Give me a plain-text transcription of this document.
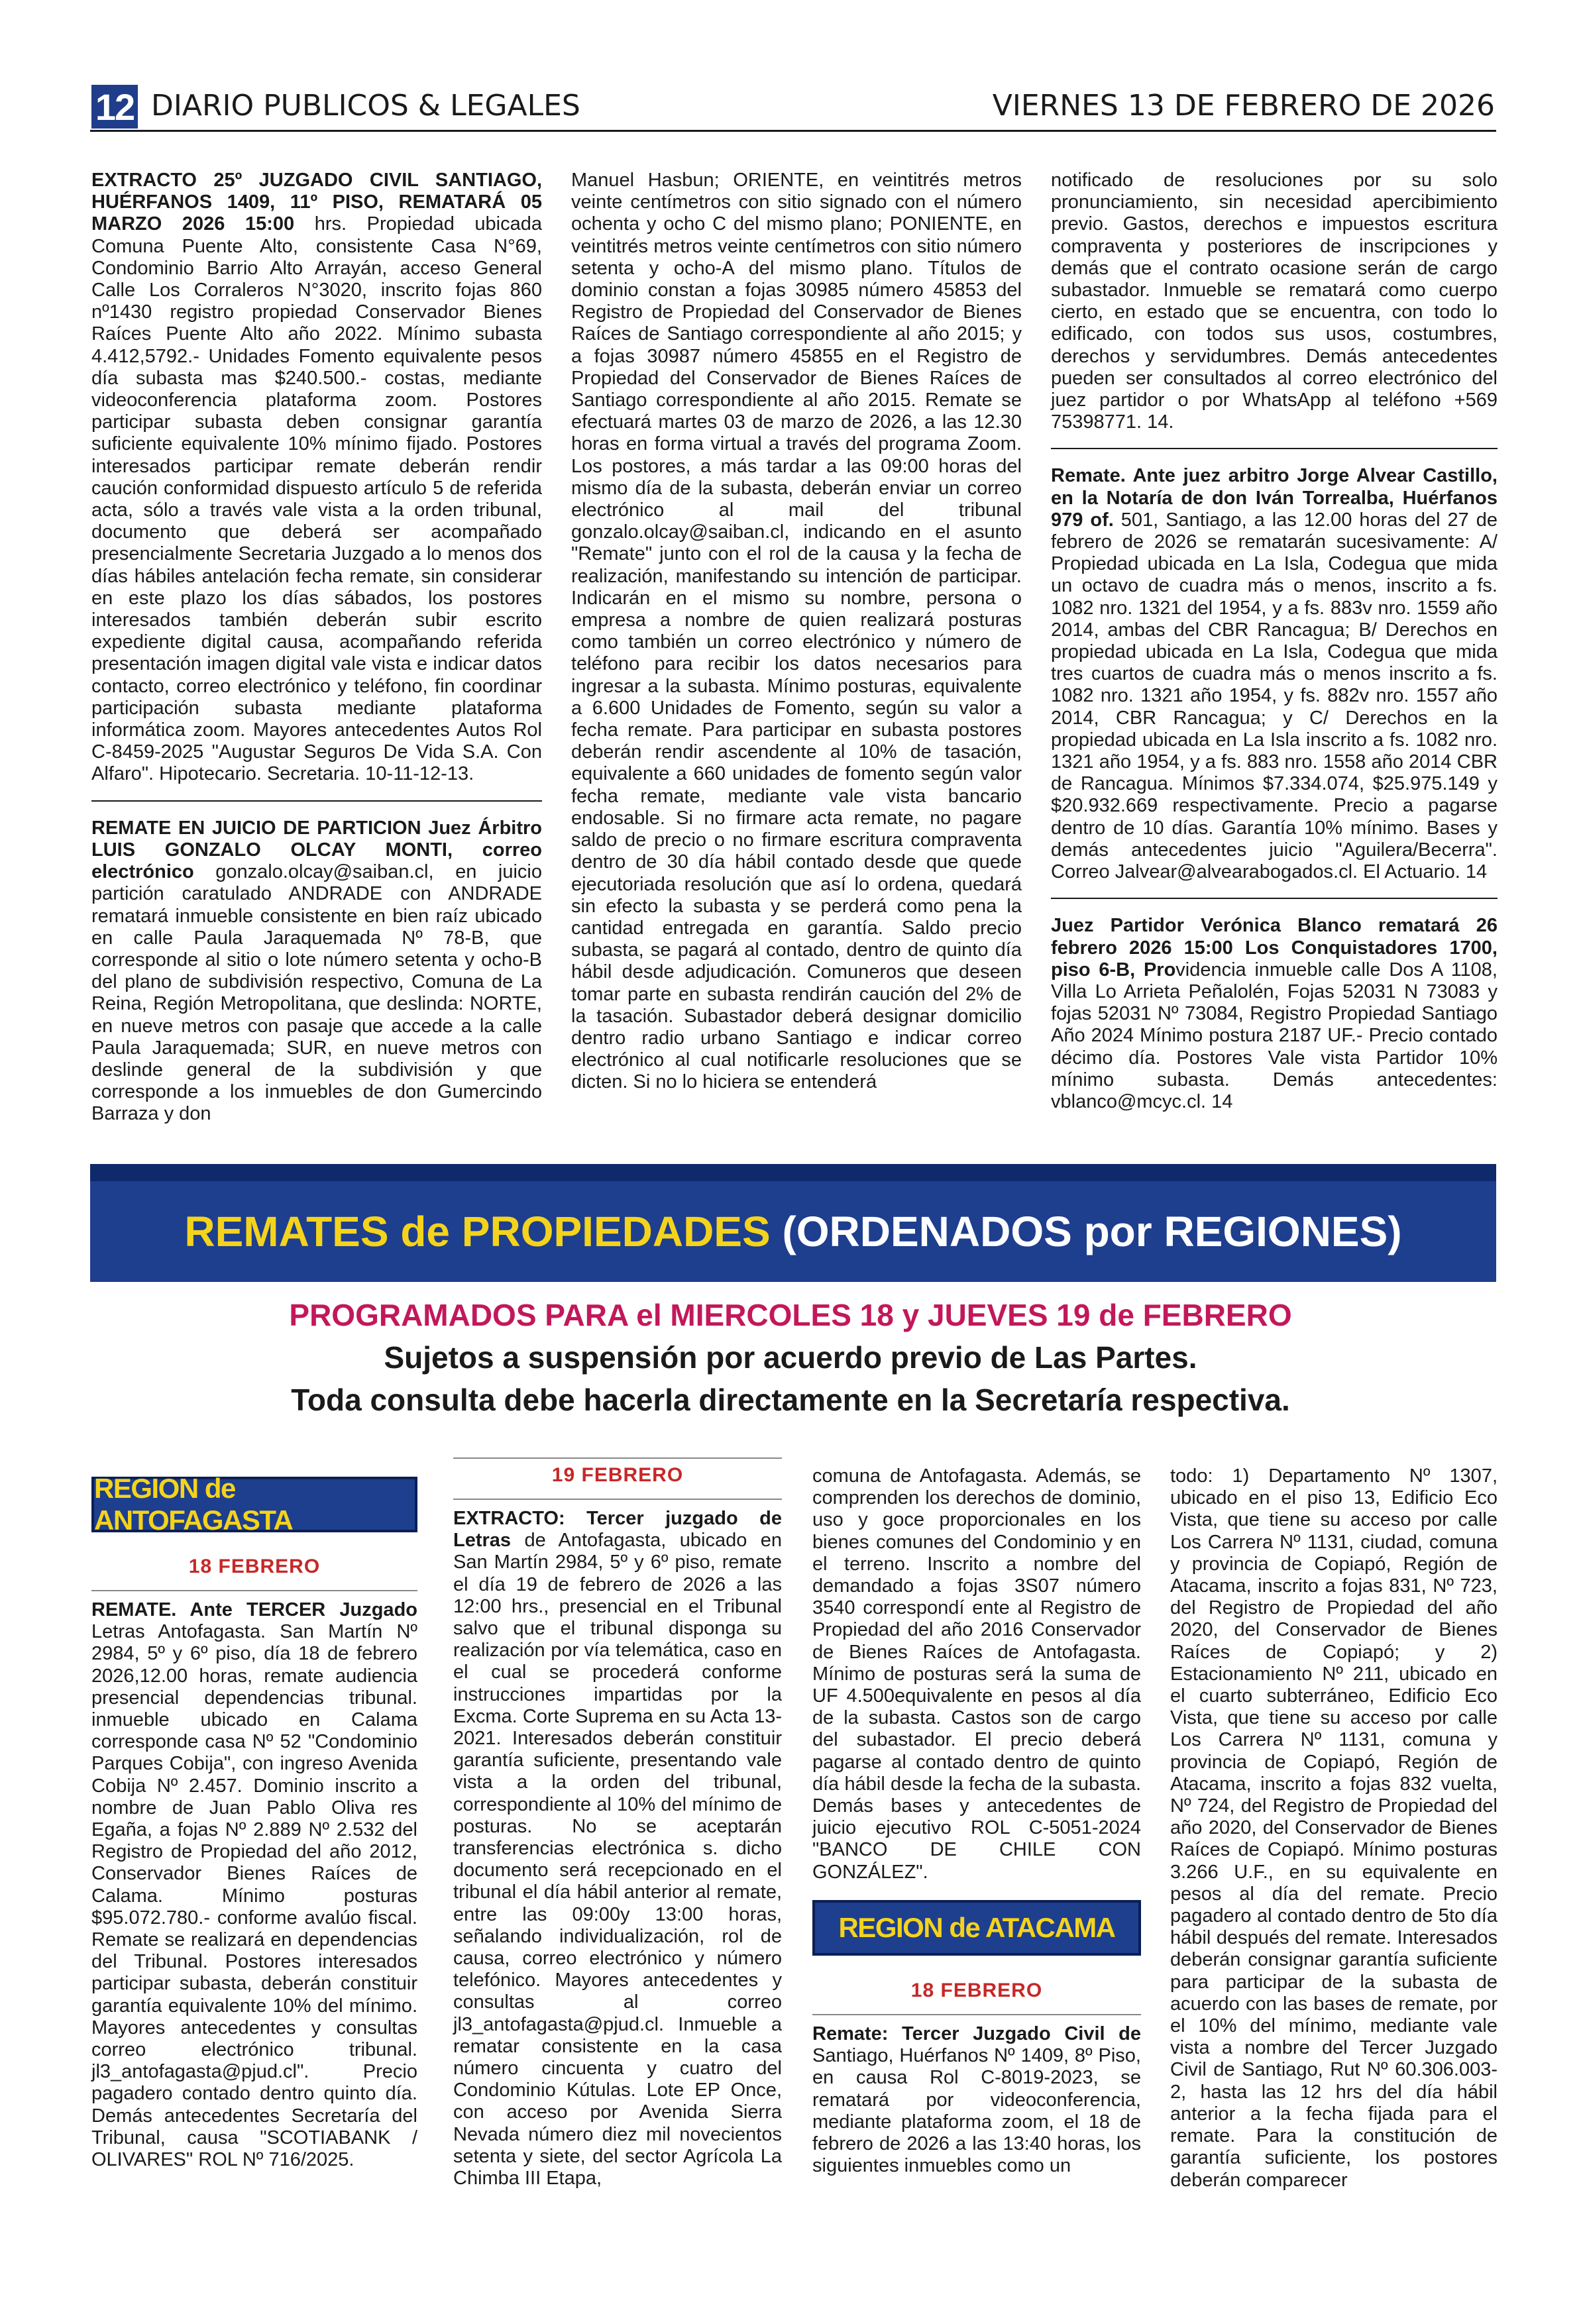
12 DIARIO PUBLICOS & LEGALES	VIERNES 13 DE FEBRERO DE 2026

EXTRACTO 25º JUZGADO CIVIL SANTIAGO, HUÉRFANOS 1409, 11º PISO, REMATARÁ 05 MARZO 2026 15:00 hrs. Propiedad ubicada Comuna Puente Alto, consistente Casa N°69, Condominio Barrio Alto Arrayán, acceso General Calle Los Corraleros N°3020, inscrito fojas 860 nº1430 registro propiedad Conservador Bienes Raíces Puente Alto año 2022. Mínimo subasta 4.412,5792.- Unidades Fomento equivalente pesos día subasta mas $240.500.- costas, mediante videoconferencia plataforma zoom. Postores participar subasta deben consignar garantía suficiente equivalente 10% mínimo fijado. Postores interesados participar remate deberán rendir caución conformidad dispuesto artículo 5 de referida acta, sólo a través vale vista a la orden tribunal, documento que deberá ser acompañado presencialmente Secretaria Juzgado a lo menos dos días hábiles antelación fecha remate, sin considerar en este plazo los días sábados, los postores interesados también deberán subir escrito expediente digital causa, acompañando referida presentación imagen digital vale vista e indicar datos contacto, correo electrónico y teléfono, fin coordinar participación subasta mediante plataforma informática zoom. Mayores antecedentes Autos Rol C-8459-2025 "Augustar Seguros De Vida S.A. Con Alfaro". Hipotecario. Secretaria. 10-11-12-13.

REMATE EN JUICIO DE PARTICION Juez Árbitro LUIS GONZALO OLCAY MONTI, correo electrónico gonzalo.olcay@saiban.cl, en juicio partición caratulado ANDRADE con ANDRADE rematará inmueble consistente en bien raíz ubicado en calle Paula Jaraquemada Nº 78-B, que corresponde al sitio o lote número setenta y ocho-B del plano de subdivisión respectivo, Comuna de La Reina, Región Metropolitana, que deslinda: NORTE, en nueve metros con pasaje que accede a la calle Paula Jaraquemada; SUR, en nueve metros con deslinde general de la subdivisión y que corresponde a los inmuebles de don Gumercindo Barraza y don

Manuel Hasbun; ORIENTE, en veintitrés metros veinte centímetros con sitio signado con el número ochenta y ocho C del mismo plano; PONIENTE, en veintitrés metros veinte centímetros con sitio número setenta y ocho-A del mismo plano. Títulos de dominio constan a fojas 30985 número 45853 del Registro de Propiedad del Conservador de Bienes Raíces de Santiago correspondiente al año 2015; y a fojas 30987 número 45855 en el Registro de Propiedad del Conservador de Bienes Raíces de Santiago correspondiente al año 2015. Remate se efectuará martes 03 de marzo de 2026, a las 12.30 horas en forma virtual a través del programa Zoom. Los postores, a más tardar a las 09:00 horas del mismo día de la subasta, deberán enviar un correo electrónico al mail del tribunal gonzalo.olcay@saiban.cl, indicando en el asunto "Remate" junto con el rol de la causa y la fecha de realización, manifestando su intención de participar. Indicarán en el mismo su nombre, persona o empresa a nombre de quien realizará posturas como también un correo electrónico y número de teléfono para recibir los datos necesarios para ingresar a la subasta. Mínimo posturas, equivalente a 6.600 Unidades de Fomento, según su valor a fecha remate. Para participar en subasta postores deberán rendir ascendente al 10% de tasación, equivalente a 660 unidades de fomento según valor fecha remate, mediante vale vista bancario endosable. Si no firmare acta remate, no pagare saldo de precio o no firmare escritura compraventa dentro de 30 día hábil contado desde que quede ejecutoriada resolución que así lo ordena, quedará sin efecto la subasta y se perderá como pena la cantidad entregada en garantía. Saldo precio subasta, se pagará al contado, dentro de quinto día hábil desde adjudicación. Comuneros que deseen tomar parte en subasta rendirán caución del 2% de la tasación. Subastador deberá designar domicilio dentro radio urbano Santiago e indicar correo electrónico al cual notificarle resoluciones que se dicten. Si no lo hiciera se entenderá

notificado de resoluciones por su solo pronunciamiento, sin necesidad apercibimiento previo. Gastos, derechos e impuestos escritura compraventa y posteriores de inscripciones y demás que el contrato ocasione serán de cargo subastador. Inmueble se rematará como cuerpo cierto, en estado que se encuentra, con todo lo edificado, con todos sus usos, costumbres, derechos y servidumbres. Demás antecedentes pueden ser consultados al correo electrónico del juez partidor o por WhatsApp al teléfono +569 75398771. 14.

Remate. Ante juez arbitro Jorge Alvear Castillo, en la Notaría de don Iván Torrealba, Huérfanos 979 of. 501, Santiago, a las 12.00 horas del 27 de febrero de 2026 se rematarán sucesivamente: A/ Propiedad ubicada en La Isla, Codegua que mida un octavo de cuadra más o menos, inscrito a fs. 1082 nro. 1321 del 1954, y a fs. 883v nro. 1559 año 2014, ambas del CBR Rancagua; B/ Derechos en propiedad ubicada en La Isla, Codegua que mida tres cuartos de cuadra más o menos inscrito a fs. 1082 nro. 1321 año 1954, y fs. 882v nro. 1557 año 2014, CBR Rancagua; y C/ Derechos en la propiedad ubicada en La Isla inscrito a fs. 1082 nro. 1321 año 1954, y a fs. 883 nro. 1558 año 2014 CBR de Rancagua. Mínimos $7.334.074, $25.975.149 y $20.932.669 respectivamente. Precio a pagarse dentro de 10 días. Garantía 10% mínimo. Bases y demás antecedentes juicio "Aguilera/Becerra". Correo Jalvear@alvearabogados.cl. El Actuario. 14

Juez Partidor Verónica Blanco rematará 26 febrero 2026 15:00 Los Conquistadores 1700, piso 6-B, Providencia inmueble calle Dos A 1108, Villa Lo Arrieta Peñalolén, Fojas 52031 N 73083 y fojas 52031 Nº 73084, Registro Propiedad Santiago Año 2024 Mínimo postura 2187 UF.- Precio contado décimo día. Postores Vale vista Partidor 10% mínimo subasta. Demás antecedentes: vblanco@mcyc.cl. 14

REMATES de PROPIEDADES (ORDENADOS por REGIONES)
PROGRAMADOS PARA el MIERCOLES 18 y JUEVES 19 de FEBRERO
Sujetos a suspensión por acuerdo previo de Las Partes.
Toda consulta debe hacerla directamente en la Secretaría respectiva.
REGION de ANTOFAGASTA
18 FEBRERO

REMATE. Ante TERCER Juzgado Letras Antofagasta. San Martín Nº 2984, 5º y 6º piso, día 18 de febrero 2026,12.00 horas, remate audiencia presencial dependencias tribunal. inmueble ubicado en Calama corresponde casa Nº 52 "Condominio Parques Cobija", con ingreso Avenida Cobija Nº 2.457. Dominio inscrito a nombre de Juan Pablo Oliva res Egaña, a fojas Nº 2.889 Nº 2.532 del Registro de Propiedad del año 2012, Conservador Bienes Raíces de Calama. Mínimo posturas $95.072.780.- conforme avalúo fiscal. Remate se realizará en dependencias del Tribunal. Postores interesados participar subasta, deberán constituir garantía equivalente 10% del mínimo. Mayores antecedentes y consultas correo electrónico tribunal. jl3_antofagasta@pjud.cl". Precio pagadero contado dentro quinto día. Demás antecedentes Secretaría del Tribunal, causa "SCOTIABANK / OLIVARES" ROL Nº 716/2025.

19 FEBRERO

EXTRACTO: Tercer juzgado de Letras de Antofagasta, ubicado en San Martín 2984, 5º y 6º piso, remate el día 19 de febrero de 2026 a las 12:00 hrs., presencial en el Tribunal salvo que el tribunal disponga su realización por vía telemática, caso en el cual se procederá conforme instrucciones impartidas por la Excma. Corte Suprema en su Acta 13-2021. Interesados deberán constituir garantía suficiente, presentando vale vista a la orden del tribunal, correspondiente al 10% del mínimo de posturas. No se aceptarán transferencias electrónica s. dicho documento será recepcionado en el tribunal el día hábil anterior al remate, entre las 09:00y 13:00 horas, señalando individualización, rol de causa, correo electrónico y número telefónico. Mayores antecedentes y consultas al correo jl3_antofagasta@pjud.cl. Inmueble a rematar consistente en la casa número cincuenta y cuatro del Condominio Kútulas. Lote EP Once, con acceso por Avenida Sierra Nevada número diez mil novecientos setenta y siete, del sector Agrícola La Chimba III Etapa,

comuna de Antofagasta. Además, se comprenden los derechos de dominio, uso y goce proporcionales en los bienes comunes del Condominio y en el terreno. Inscrito a nombre del demandado a fojas 3S07 número 3540 correspondí ente al Registro de Propiedad del año 2016 Conservador de Bienes Raíces de Antofagasta. Mínimo de posturas será la suma de UF 4.500equivalente en pesos al día de la subasta. Castos son de cargo del subastador. El precio deberá pagarse al contado dentro de quinto día hábil desde la fecha de la subasta. Demás bases y antecedentes de juicio ejecutivo ROL C-5051-2024 "BANCO DE CHILE CON GONZÁLEZ".

REGION de ATACAMA
18 FEBRERO

Remate: Tercer Juzgado Civil de Santiago, Huérfanos Nº 1409, 8º Piso, en causa Rol C-8019-2023, se rematará por videoconferencia, mediante plataforma zoom, el 18 de febrero de 2026 a las 13:40 horas, los siguientes inmuebles como un

todo: 1) Departamento Nº 1307, ubicado en el piso 13, Edificio Eco Vista, que tiene su acceso por calle Los Carrera Nº 1131, ciudad, comuna y provincia de Copiapó, Región de Atacama, inscrito a fojas 831, Nº 723, del Registro de Propiedad del año 2020, del Conservador de Bienes Raíces de Copiapó; y 2) Estacionamiento Nº 211, ubicado en el cuarto subterráneo, Edificio Eco Vista, que tiene su acceso por calle Los Carrera Nº 1131, comuna y provincia de Copiapó, Región de Atacama, inscrito a fojas 832 vuelta, Nº 724, del Registro de Propiedad del año 2020, del Conservador de Bienes Raíces de Copiapó. Mínimo posturas 3.266 U.F., en su equivalente en pesos al día del remate. Precio pagadero al contado dentro de 5to día hábil después del remate. Interesados deberán consignar garantía suficiente para participar de la subasta de acuerdo con las bases de remate, por el 10% del mínimo, mediante vale vista a nombre del Tercer Juzgado Civil de Santiago, Rut Nº 60.306.003-2, hasta las 12 hrs del día hábil anterior a la fecha fijada para el remate. Para la constitución de garantía suficiente, los postores deberán comparecer
